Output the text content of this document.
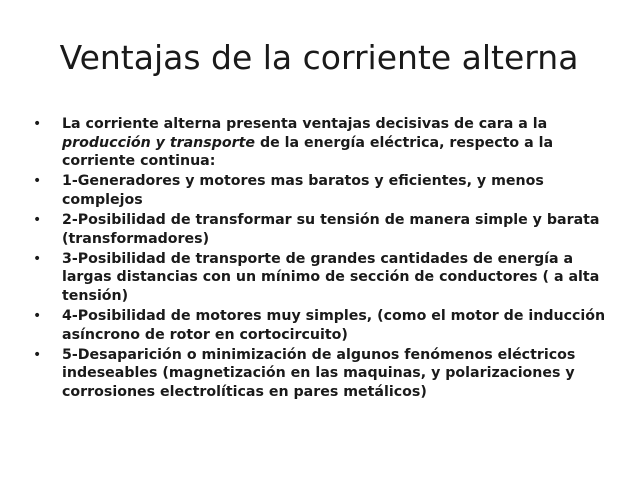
Ventajas de la corriente alterna
• La corriente alterna presenta ventajas decisivas de cara a la producción y transporte de la energía eléctrica, respecto a la corriente continua:
• 1-Generadores y motores mas baratos y eficientes, y menos complejos
• 2-Posibilidad de transformar su tensión de manera simple y barata (transformadores)
• 3-Posibilidad de transporte de grandes cantidades de energía a largas distancias con un mínimo de sección de conductores ( a alta tensión)
• 4-Posibilidad de motores muy simples, (como el motor de inducción asíncrono de rotor en cortocircuito)
• 5-Desaparición o minimización de algunos fenómenos eléctricos indeseables (magnetización en las maquinas, y polarizaciones y corrosiones electrolíticas en pares metálicos)
